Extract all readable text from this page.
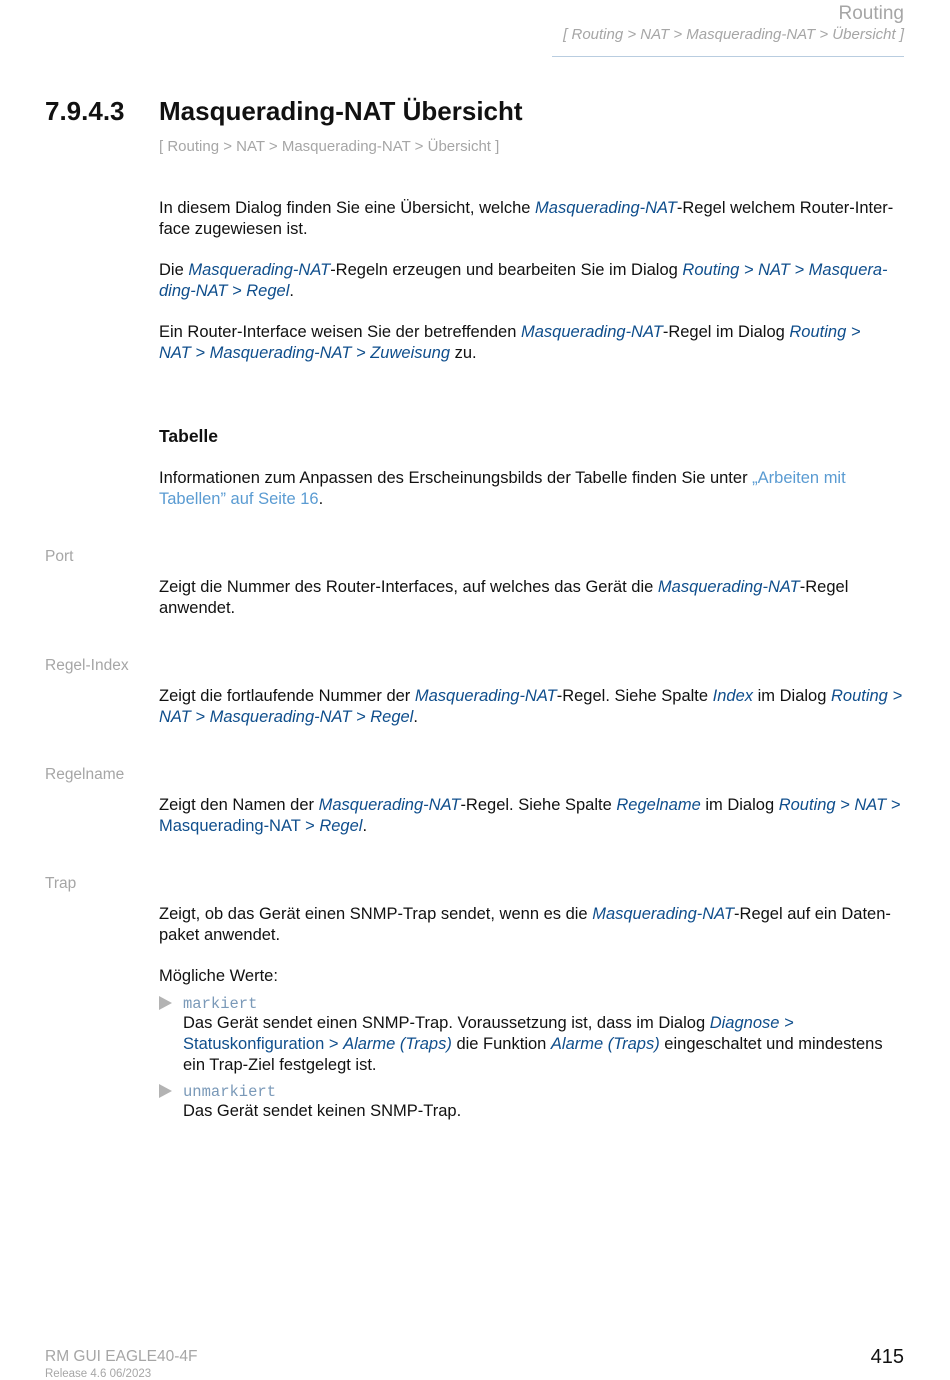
Routing
[ Routing > NAT > Masquerading-NAT > Übersicht ]
7.9.4.3 Masquerading-NAT Übersicht
[ Routing > NAT > Masquerading-NAT > Übersicht ]
In diesem Dialog finden Sie eine Übersicht, welche Masquerading-NAT-Regel welchem Router-Inter-
face zugewiesen ist.
Die Masquerading-NAT-Regeln erzeugen und bearbeiten Sie im Dialog Routing > NAT > Masquera-
ding-NAT > Regel.
Ein Router-Interface weisen Sie der betreffenden Masquerading-NAT-Regel im Dialog Routing >
NAT > Masquerading-NAT > Zuweisung zu.
Tabelle
Informationen zum Anpassen des Erscheinungsbilds der Tabelle finden Sie unter „Arbeiten mit
Tabellen” auf Seite 16.
Port
Zeigt die Nummer des Router-Interfaces, auf welches das Gerät die Masquerading-NAT-Regel
anwendet.
Regel-Index
Zeigt die fortlaufende Nummer der Masquerading-NAT-Regel. Siehe Spalte Index im Dialog Routing >
NAT > Masquerading-NAT > Regel.
Regelname
Zeigt den Namen der Masquerading-NAT-Regel. Siehe Spalte Regelname im Dialog Routing > NAT >
Masquerading-NAT > Regel.
Trap
Zeigt, ob das Gerät einen SNMP-Trap sendet, wenn es die Masquerading-NAT-Regel auf ein Daten-
paket anwendet.
Mögliche Werte:
markiert
Das Gerät sendet einen SNMP-Trap. Voraussetzung ist, dass im Dialog Diagnose >
Statuskonfiguration > Alarme (Traps) die Funktion Alarme (Traps) eingeschaltet und mindestens
ein Trap-Ziel festgelegt ist.
unmarkiert
Das Gerät sendet keinen SNMP-Trap.
RM GUI EAGLE40-4F
Release 4.6 06/2023
415
